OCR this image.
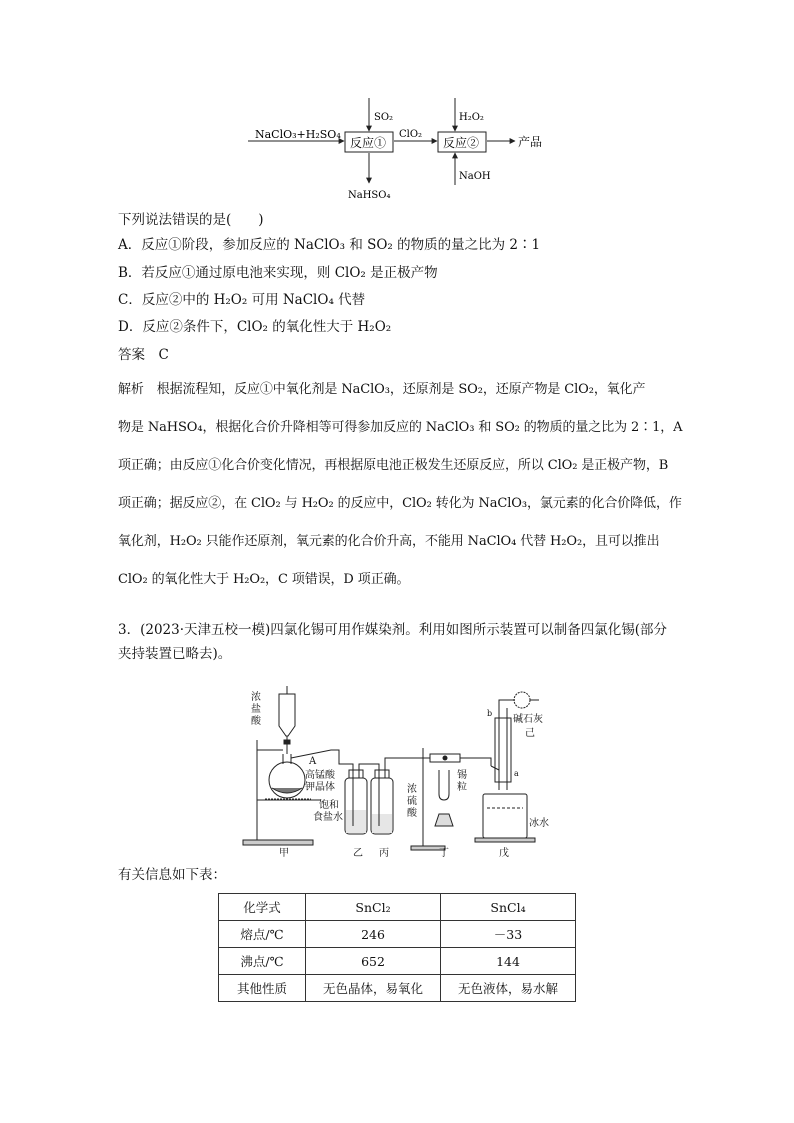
NaClO₃+H₂SO₄
反应①
SO₂
NaHSO₄
ClO₂
反应②
H₂O₂
NaOH
产品
下列说法错误的是(　　)
A．反应①阶段，参加反应的 NaClO₃ 和 SO₂ 的物质的量之比为 2∶1
B．若反应①通过原电池来实现，则 ClO₂ 是正极产物
C．反应②中的 H₂O₂ 可用 NaClO₄ 代替
D．反应②条件下，ClO₂ 的氧化性大于 H₂O₂
答案　C

解析　根据流程知，反应①中氧化剂是 NaClO₃，还原剂是 SO₂，还原产物是 ClO₂，氧化产

物是 NaHSO₄，根据化合价升降相等可得参加反应的 NaClO₃ 和 SO₂ 的物质的量之比为 2∶1，A

项正确；由反应①化合价变化情况，再根据原电池正极发生还原反应，所以 ClO₂ 是正极产物，B

项正确；据反应②，在 ClO₂ 与 H₂O₂ 的反应中，ClO₂ 转化为 NaClO₃，氯元素的化合价降低，作

氧化剂，H₂O₂ 只能作还原剂，氧元素的化合价升高，不能用 NaClO₄ 代替 H₂O₂，且可以推出

ClO₂ 的氧化性大于 H₂O₂，C 项错误，D 项正确。

3．(2023·天津五校一模)四氯化锡可用作媒染剂。利用如图所示装置可以制备四氯化锡(部分
夹持装置已略去)。
浓
盐
酸
A
高锰酸
钾晶体
饱和
食盐水
浓
硫
酸
锡
粒
碱石灰
己
冰水
a
b
甲	乙 丙	丁	戊
有关信息如下表：
化学式	SnCl₂	SnCl₄
熔点/℃	246	－33
沸点/℃	652	144
其他性质	无色晶体，易氧化	无色液体，易水解
